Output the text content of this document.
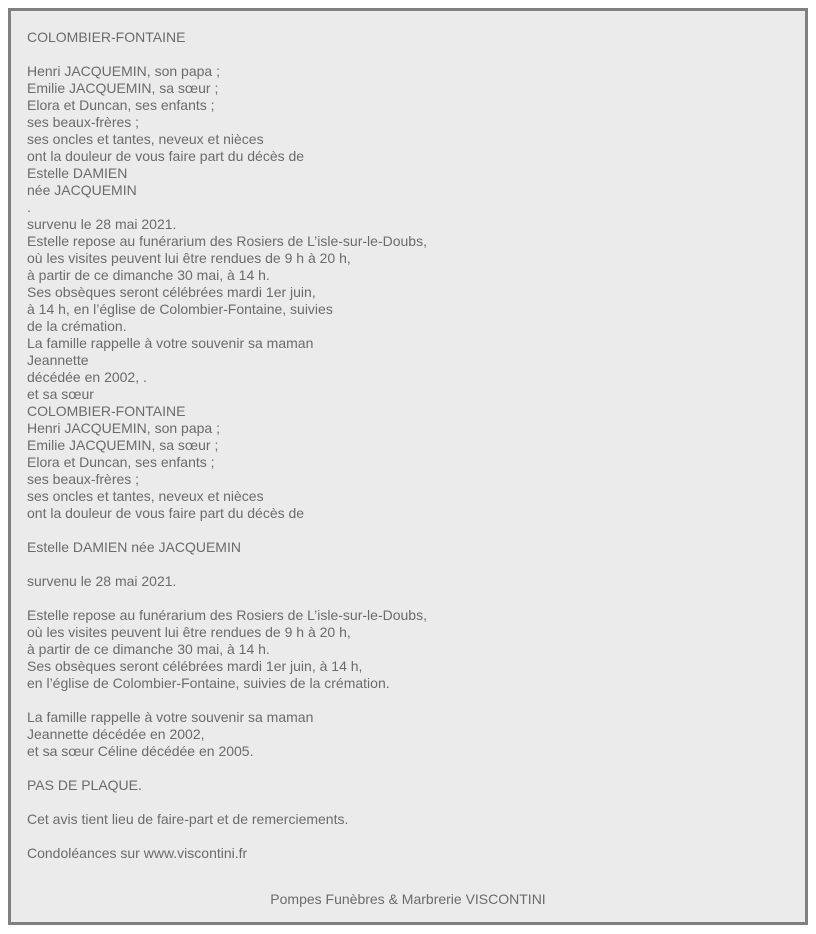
COLOMBIER-FONTAINE
Henri JACQUEMIN, son papa ;
Emilie JACQUEMIN, sa sœur ;
Elora et Duncan, ses enfants ;
ses beaux-frères ;
ses oncles et tantes, neveux et nièces
ont la douleur de vous faire part du décès de
Estelle DAMIEN
née JACQUEMIN
.
survenu le 28 mai 2021.
Estelle repose au funérarium des Rosiers de L’isle-sur-le-Doubs,
où les visites peuvent lui être rendues de 9 h à 20 h,
à partir de ce dimanche 30 mai, à 14 h.
Ses obsèques seront célébrées mardi 1er juin,
à 14 h, en l’église de Colombier-Fontaine, suivies
de la crémation.
La famille rappelle à votre souvenir sa maman
Jeannette
décédée en 2002, .
et sa sœur
COLOMBIER-FONTAINE
Henri JACQUEMIN, son papa ;
Emilie JACQUEMIN, sa sœur ;
Elora et Duncan, ses enfants ;
ses beaux-frères ;
ses oncles et tantes, neveux et nièces
ont la douleur de vous faire part du décès de
Estelle DAMIEN née JACQUEMIN
survenu le 28 mai 2021.
Estelle repose au funérarium des Rosiers de L’isle-sur-le-Doubs,
où les visites peuvent lui être rendues de 9 h à 20 h,
à partir de ce dimanche 30 mai, à 14 h.
Ses obsèques seront célébrées mardi 1er juin, à 14 h,
en l’église de Colombier-Fontaine, suivies de la crémation.
La famille rappelle à votre souvenir sa maman
Jeannette décédée en 2002,
et sa sœur Céline décédée en 2005.
PAS DE PLAQUE.
Cet avis tient lieu de faire-part et de remerciements.
Condoléances sur www.viscontini.fr
Pompes Funèbres & Marbrerie VISCONTINI
